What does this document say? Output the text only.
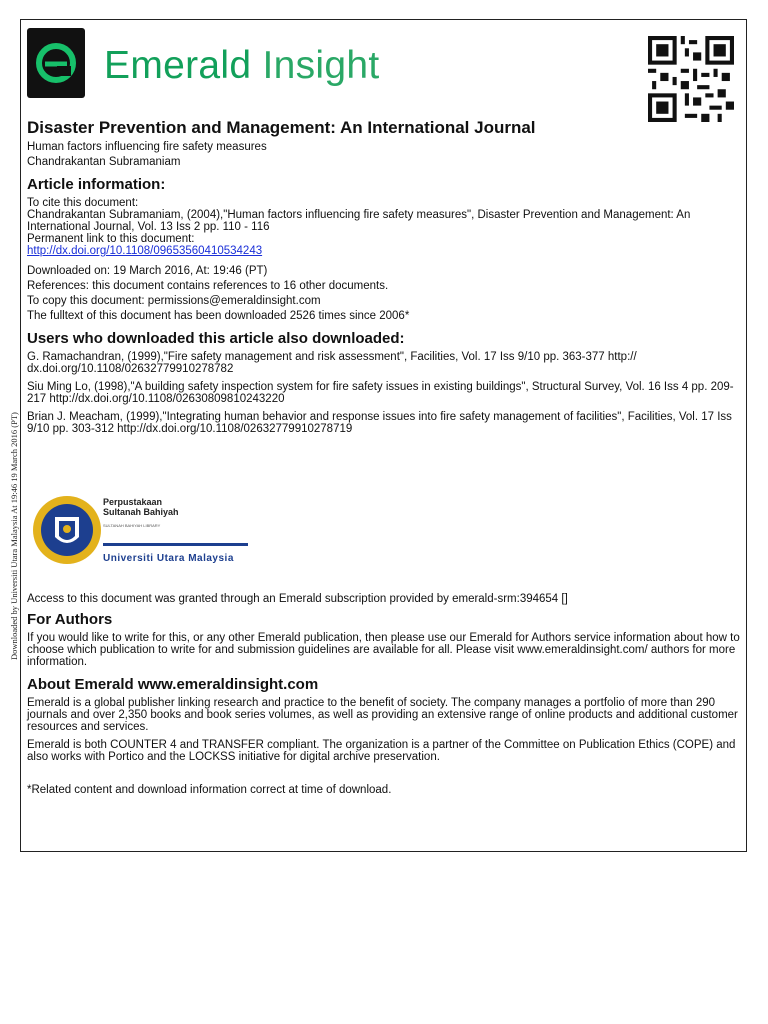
Downloaded by Universiti Utara Malaysia At 19:46 19 March 2016 (PT)
Emerald Insight
Disaster Prevention and Management: An International Journal
Human factors influencing fire safety measures
Chandrakantan Subramaniam
Article information:
To cite this document:
Chandrakantan Subramaniam, (2004),"Human factors influencing fire safety measures", Disaster Prevention and Management: An International Journal, Vol. 13 Iss 2 pp. 110 - 116
Permanent link to this document:
http://dx.doi.org/10.1108/09653560410534243
Downloaded on: 19 March 2016, At: 19:46 (PT)
References: this document contains references to 16 other documents.
To copy this document: permissions@emeraldinsight.com
The fulltext of this document has been downloaded 2526 times since 2006*
Users who downloaded this article also downloaded:
G. Ramachandran, (1999),"Fire safety management and risk assessment", Facilities, Vol. 17 Iss 9/10 pp. 363-377 http:// dx.doi.org/10.1108/02632779910278782
Siu Ming Lo, (1998),"A building safety inspection system for fire safety issues in existing buildings", Structural Survey, Vol. 16 Iss 4 pp. 209-217 http://dx.doi.org/10.1108/02630809810243220
Brian J. Meacham, (1999),"Integrating human behavior and response issues into fire safety management of facilities", Facilities, Vol. 17 Iss 9/10 pp. 303-312 http://dx.doi.org/10.1108/02632779910278719
Perpustakaan
Sultanah Bahiyah
SULTANAH BAHIYAH LIBRARY
Universiti Utara Malaysia
Access to this document was granted through an Emerald subscription provided by emerald-srm:394654 []
For Authors
If you would like to write for this, or any other Emerald publication, then please use our Emerald for Authors service information about how to choose which publication to write for and submission guidelines are available for all. Please visit www.emeraldinsight.com/ authors for more information.
About Emerald www.emeraldinsight.com
Emerald is a global publisher linking research and practice to the benefit of society. The company manages a portfolio of more than 290 journals and over 2,350 books and book series volumes, as well as providing an extensive range of online products and additional customer resources and services.
Emerald is both COUNTER 4 and TRANSFER compliant. The organization is a partner of the Committee on Publication Ethics (COPE) and also works with Portico and the LOCKSS initiative for digital archive preservation.
*Related content and download information correct at time of download.
